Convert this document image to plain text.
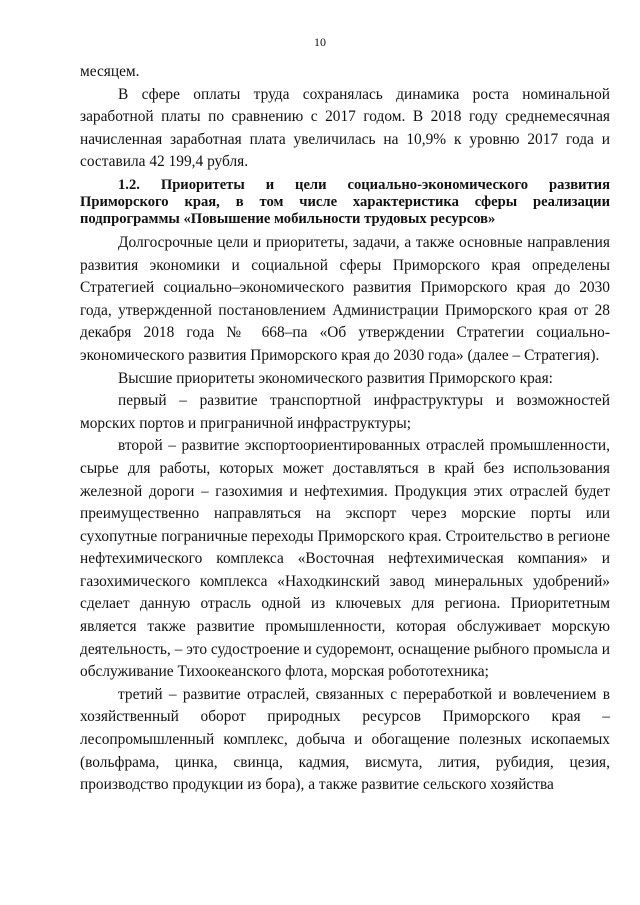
10

месяцем.

В сфере оплаты труда сохранялась динамика роста номинальной заработной платы по сравнению с 2017 годом. В 2018 году среднемесячная начисленная заработная плата увеличилась на 10,9% к уровню 2017 года и составила 42 199,4 рубля.

1.2. Приоритеты и цели социально-экономического развития Приморского края, в том числе характеристика сферы реализации подпрограммы «Повышение мобильности трудовых ресурсов»

Долгосрочные цели и приоритеты, задачи, а также основные направления развития экономики и социальной сферы Приморского края определены Стратегией социально–экономического развития Приморского края до 2030 года, утвержденной постановлением Администрации Приморского края от 28 декабря 2018 года № 668–па «Об утверждении Стратегии социально-экономического развития Приморского края до 2030 года» (далее – Стратегия).

Высшие приоритеты экономического развития Приморского края:

первый – развитие транспортной инфраструктуры и возможностей морских портов и приграничной инфраструктуры;

второй – развитие экспортоориентированных отраслей промышленности, сырье для работы, которых может доставляться в край без использования железной дороги – газохимия и нефтехимия. Продукция этих отраслей будет преимущественно направляться на экспорт через морские порты или сухопутные пограничные переходы Приморского края. Строительство в регионе нефтехимического комплекса «Восточная нефтехимическая компания» и газохимического комплекса «Находкинский завод минеральных удобрений» сделает данную отрасль одной из ключевых для региона. Приоритетным является также развитие промышленности, которая обслуживает морскую деятельность, – это судостроение и судоремонт, оснащение рыбного промысла и обслуживание Тихоокеанского флота, морская робототехника;

третий – развитие отраслей, связанных с переработкой и вовлечением в хозяйственный оборот природных ресурсов Приморского края – лесопромышленный комплекс, добыча и обогащение полезных ископаемых (вольфрама, цинка, свинца, кадмия, висмута, лития, рубидия, цезия, производство продукции из бора), а также развитие сельского хозяйства
